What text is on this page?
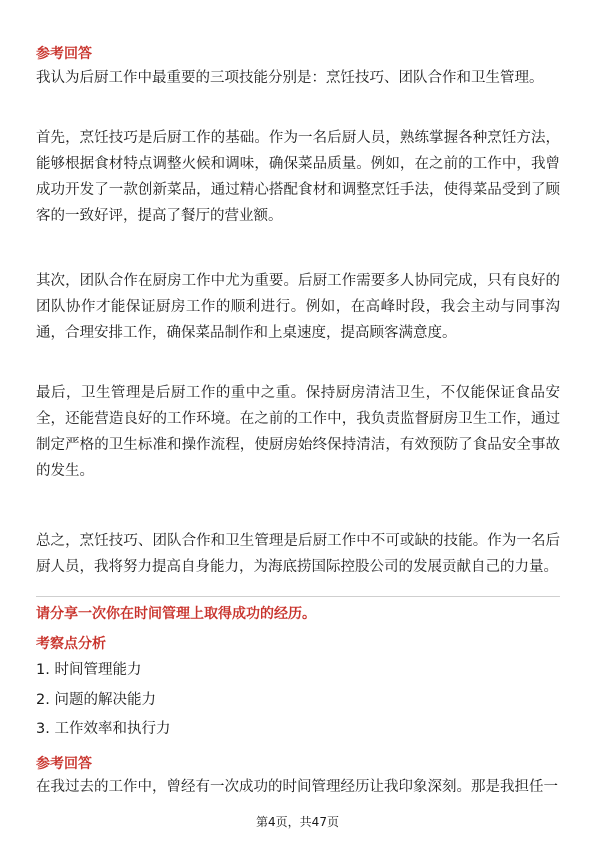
参考回答
我认为后厨工作中最重要的三项技能分别是：烹饪技巧、团队合作和卫生管理。
首先，烹饪技巧是后厨工作的基础。作为一名后厨人员，熟练掌握各种烹饪方法，
能够根据食材特点调整火候和调味，确保菜品质量。例如，在之前的工作中，我曾
成功开发了一款创新菜品，通过精心搭配食材和调整烹饪手法，使得菜品受到了顾
客的一致好评，提高了餐厅的营业额。
其次，团队合作在厨房工作中尤为重要。后厨工作需要多人协同完成，只有良好的
团队协作才能保证厨房工作的顺利进行。例如，在高峰时段，我会主动与同事沟
通，合理安排工作，确保菜品制作和上桌速度，提高顾客满意度。
最后，卫生管理是后厨工作的重中之重。保持厨房清洁卫生，不仅能保证食品安
全，还能营造良好的工作环境。在之前的工作中，我负责监督厨房卫生工作，通过
制定严格的卫生标准和操作流程，使厨房始终保持清洁，有效预防了食品安全事故
的发生。
总之，烹饪技巧、团队合作和卫生管理是后厨工作中不可或缺的技能。作为一名后
厨人员，我将努力提高自身能力，为海底捞国际控股公司的发展贡献自己的力量。
请分享一次你在时间管理上取得成功的经历。
考察点分析
1. 时间管理能力
2. 问题的解决能力
3. 工作效率和执行力
参考回答
在我过去的工作中，曾经有一次成功的时间管理经历让我印象深刻。那是我担任一
第4页，共47页
